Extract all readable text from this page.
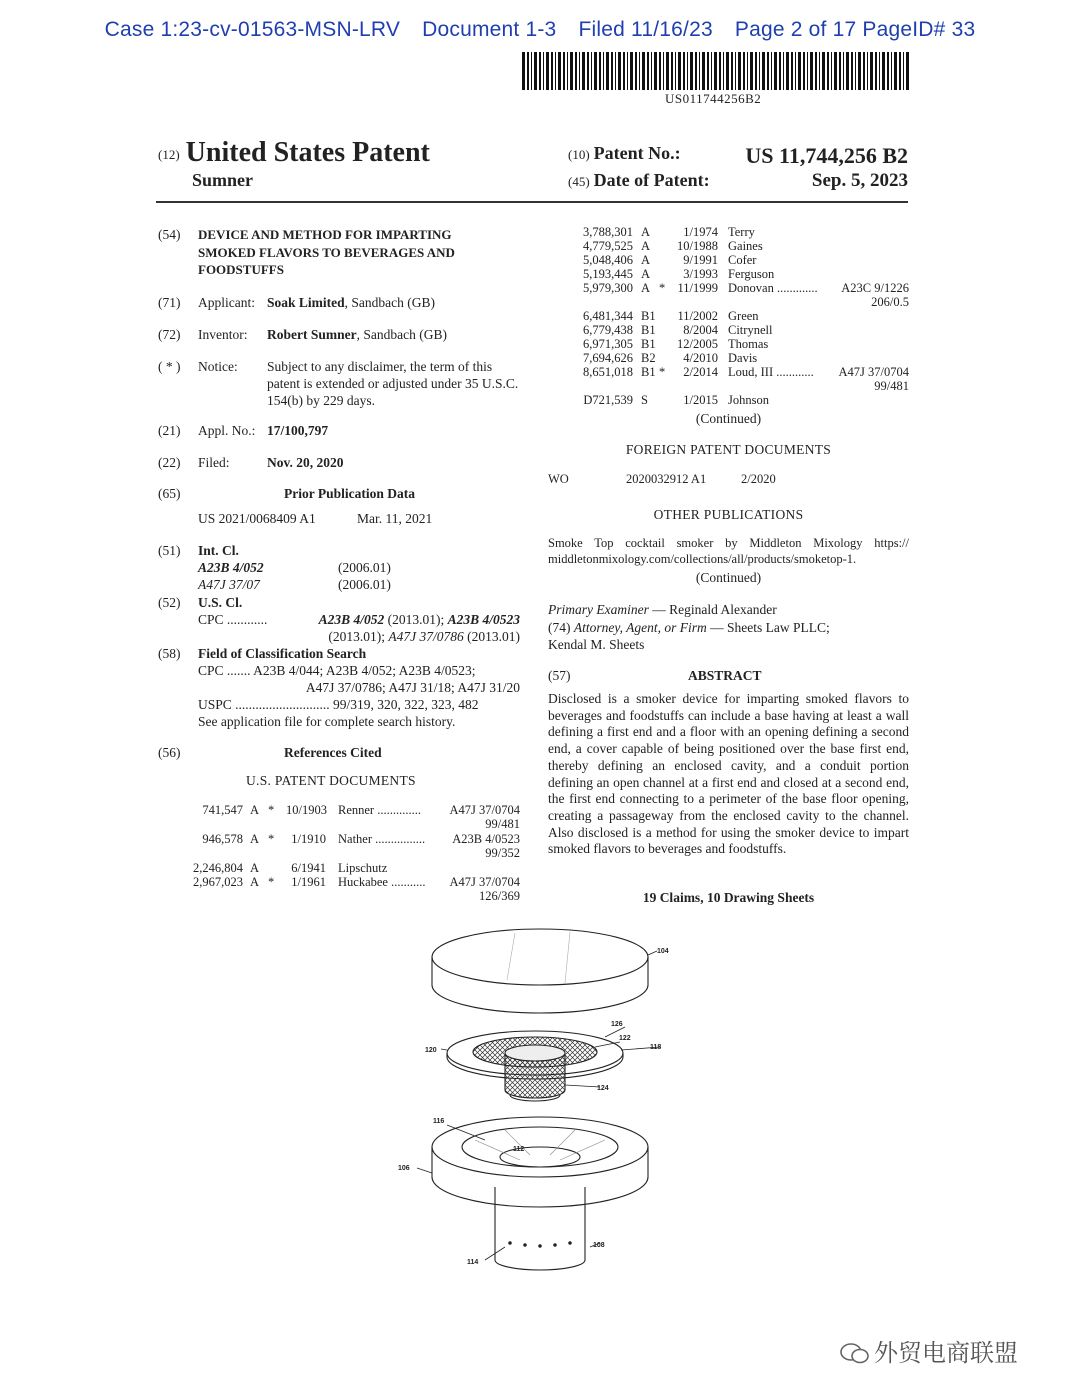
Case 1:23-cv-01563-MSN-LRV Document 1-3 Filed 11/16/23 Page 2 of 17 PageID# 33
US011744256B2
(12) United States Patent
Sumner
(10) Patent No.:	US 11,744,256 B2
(45) Date of Patent:	Sep. 5, 2023
(54) DEVICE AND METHOD FOR IMPARTING SMOKED FLAVORS TO BEVERAGES AND FOODSTUFFS
(71) Applicant: Soak Limited, Sandbach (GB)
(72) Inventor: Robert Sumner, Sandbach (GB)
( * ) Notice: Subject to any disclaimer, the term of this patent is extended or adjusted under 35 U.S.C. 154(b) by 229 days.
(21) Appl. No.: 17/100,797
(22) Filed:	Nov. 20, 2020
(65)	Prior Publication Data
US 2021/0068409 A1	Mar. 11, 2021
(51) Int. Cl.
A23B 4/052	(2006.01)
A47J 37/07	(2006.01)
(52) U.S. Cl.
CPC ............	A23B 4/052 (2013.01); A23B 4/0523
(2013.01); A47J 37/0786 (2013.01)
(58) Field of Classification Search
CPC ....... A23B 4/044; A23B 4/052; A23B 4/0523;
A47J 37/0786; A47J 31/18; A47J 31/20
USPC ............................ 99/319, 320, 322, 323, 482
See application file for complete search history.
(56)	References Cited
U.S. PATENT DOCUMENTS
741,547 A * 10/1903 Renner .............. A47J 37/0704
99/481
946,578 A *	1/1910 Nather ................ A23B 4/0523
99/352
2,246,804 A	6/1941 Lipschutz
2,967,023 A *	1/1961 Huckabee ........... A47J 37/0704
126/369
3,788,301 A	1/1974 Terry
4,779,525 A	10/1988 Gaines
5,048,406 A	9/1991 Cofer
5,193,445 A	3/1993 Ferguson
5,979,300 A * 11/1999 Donovan ............. A23C 9/1226
206/0.5
6,481,344 B1	11/2002 Green
6,779,438 B1	8/2004 Citrynell
6,971,305 B1	12/2005 Thomas
7,694,626 B2	4/2010 Davis
8,651,018 B1 *	2/2014 Loud, III ............ A47J 37/0704
99/481
D721,539 S	1/2015 Johnson
(Continued)
FOREIGN PATENT DOCUMENTS
WO	2020032912 A1	2/2020
OTHER PUBLICATIONS
Smoke Top cocktail smoker by Middleton Mixology https:// middletonmixology.com/collections/all/products/smoketop-1.
(Continued)
Primary Examiner — Reginald Alexander
(74) Attorney, Agent, or Firm — Sheets Law PLLC;
Kendal M. Sheets
(57)	ABSTRACT
Disclosed is a smoker device for imparting smoked flavors to beverages and foodstuffs can include a base having at least a wall defining a first end and a floor with an opening defining a second end, a cover capable of being positioned over the base first end, thereby defining an enclosed cavity, and a conduit portion defining an open channel at a first end and closed at a second end, the first end connecting to a perimeter of the base floor opening, creating a passageway from the enclosed cavity to the channel. Also disclosed is a method for using the smoker device to impart smoked flavors to beverages and foodstuffs.
19 Claims, 10 Drawing Sheets
104
126
122
118
120
124
116
112
106
108
114
外贸电商联盟
